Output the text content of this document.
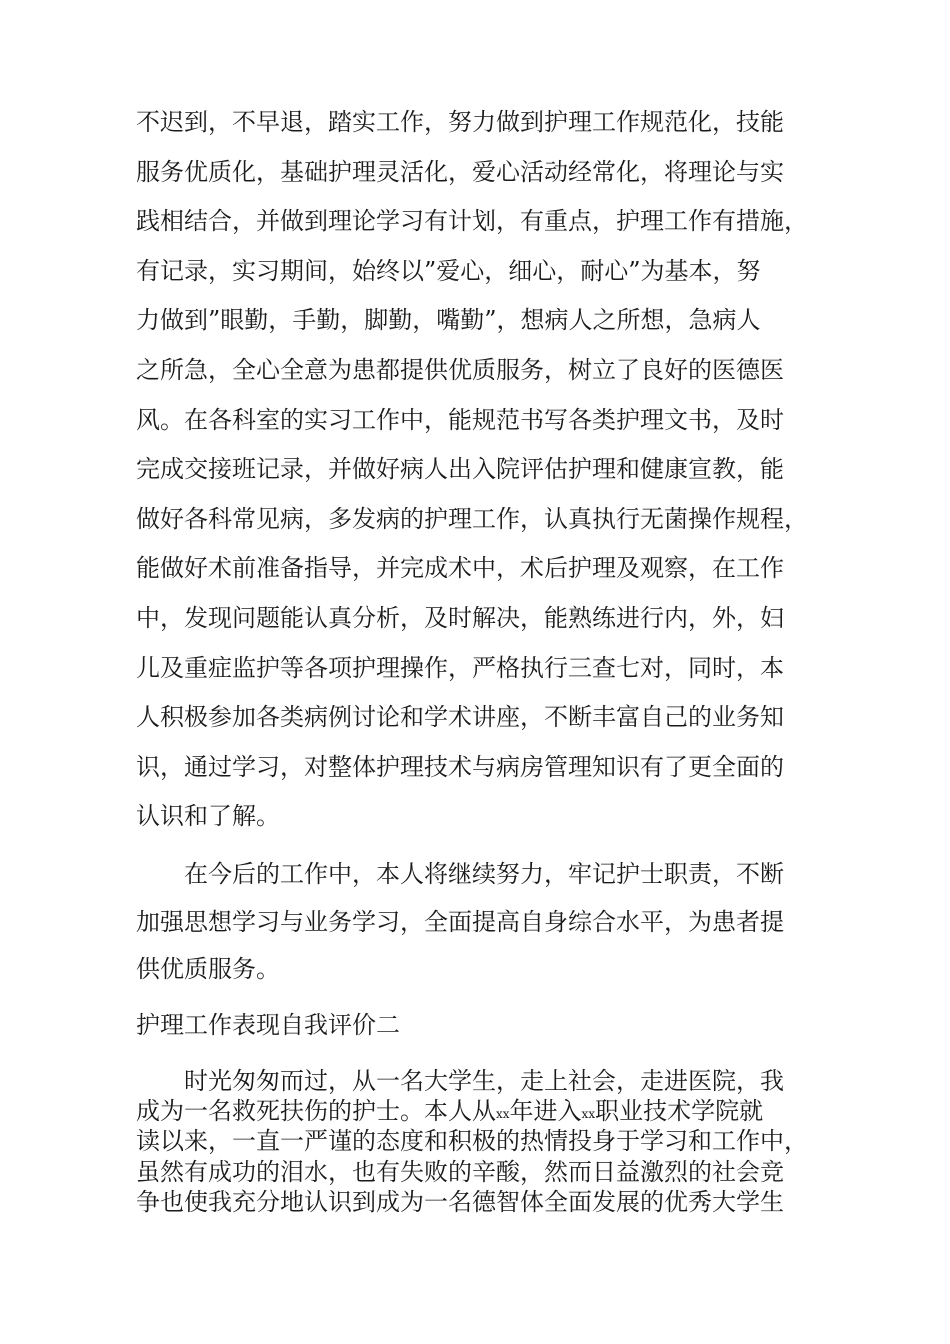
不迟到，不早退，踏实工作，努力做到护理工作规范化，技能
服务优质化，基础护理灵活化，爱心活动经常化，将理论与实
践相结合，并做到理论学习有计划，有重点，护理工作有措施，
有记录，实习期间，始终以”爱心，细心，耐心”为基本，努
力做到”眼勤，手勤，脚勤，嘴勤”，想病人之所想，急病人
之所急，全心全意为患都提供优质服务，树立了良好的医德医
风。在各科室的实习工作中，能规范书写各类护理文书，及时
完成交接班记录，并做好病人出入院评估护理和健康宣教，能
做好各科常见病，多发病的护理工作，认真执行无菌操作规程，
能做好术前准备指导，并完成术中，术后护理及观察，在工作
中，发现问题能认真分析，及时解决，能熟练进行内，外，妇
儿及重症监护等各项护理操作，严格执行三查七对，同时，本
人积极参加各类病例讨论和学术讲座，不断丰富自己的业务知
识，通过学习，对整体护理技术与病房管理知识有了更全面的
认识和了解。
　　在今后的工作中，本人将继续努力，牢记护士职责，不断
加强思想学习与业务学习，全面提高自身综合水平，为患者提
供优质服务。
护理工作表现自我评价二
　　时光匆匆而过，从一名大学生，走上社会，走进医院，我
成为一名救死扶伤的护士。本人从xx年进入xx职业技术学院就
读以来，一直一严谨的态度和积极的热情投身于学习和工作中，
虽然有成功的泪水，也有失败的辛酸，然而日益激烈的社会竞
争也使我充分地认识到成为一名德智体全面发展的优秀大学生
